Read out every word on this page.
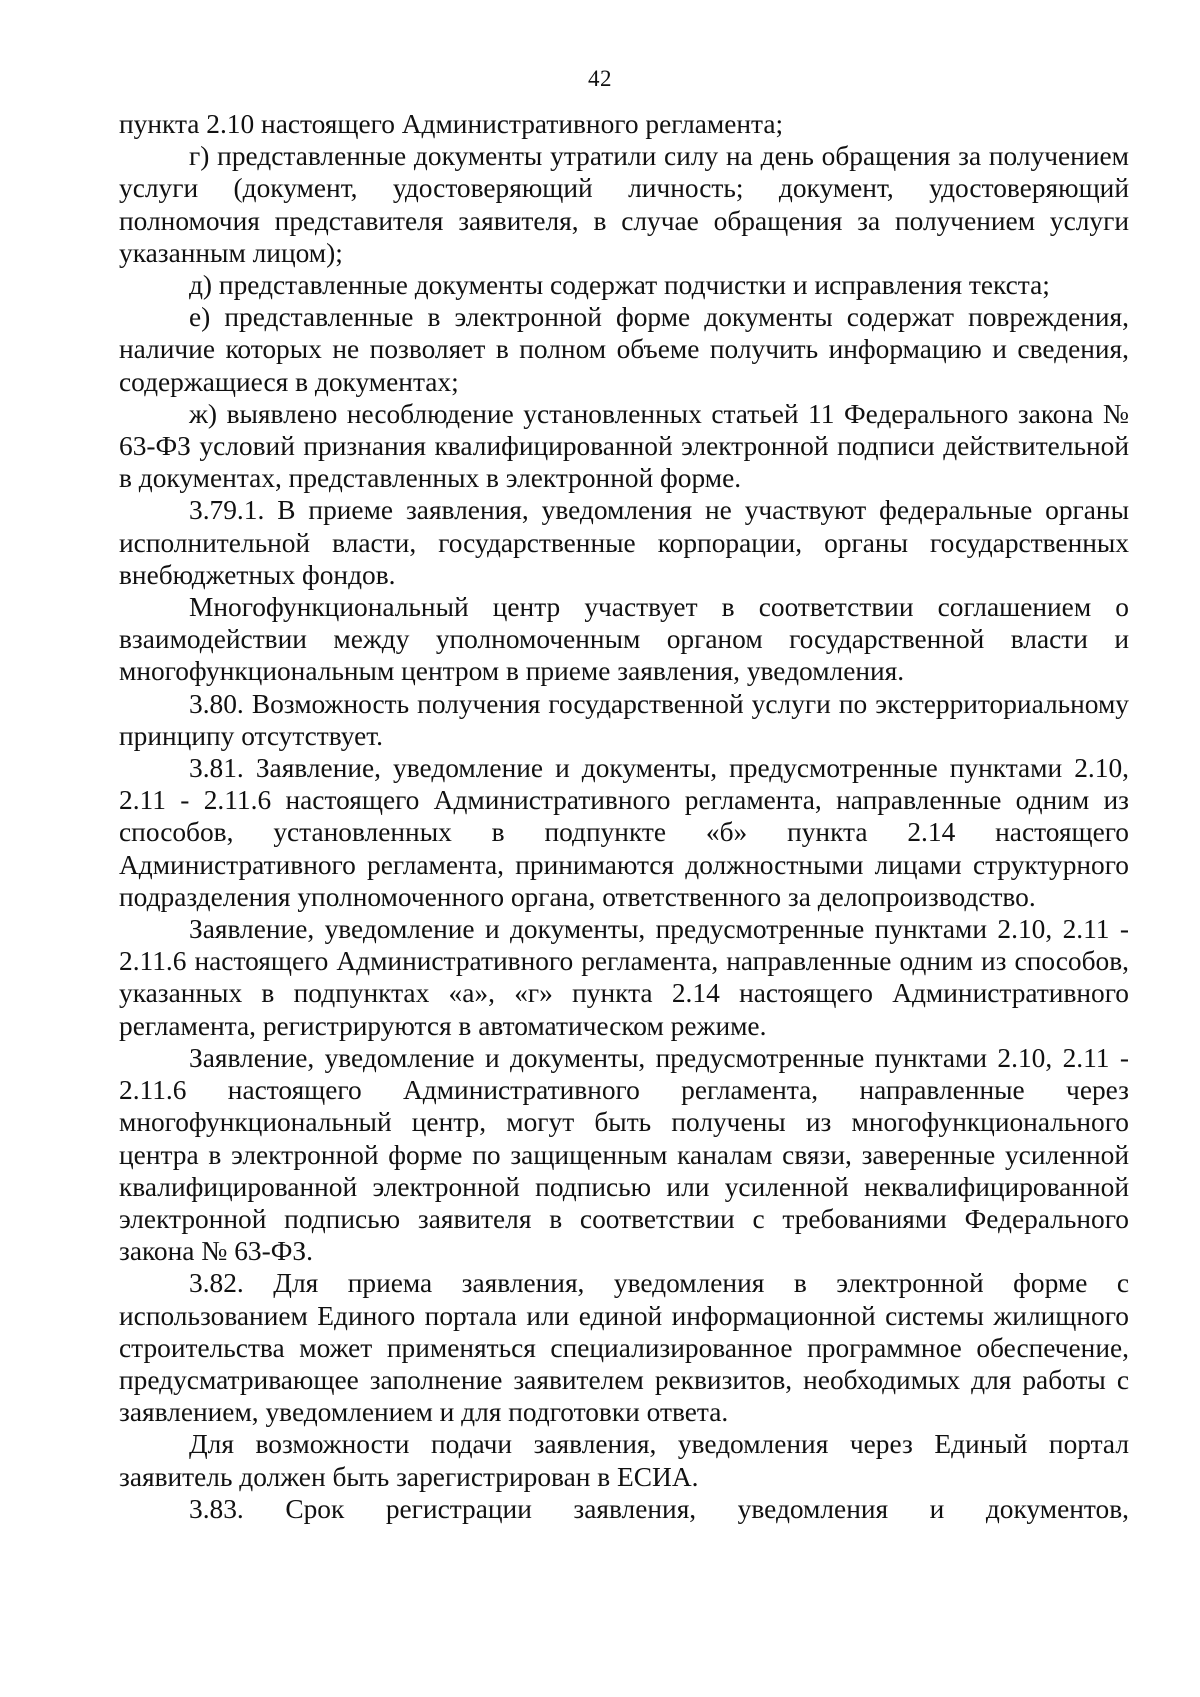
42

пункта 2.10 настоящего Административного регламента;

г) представленные документы утратили силу на день обращения за получением услуги (документ, удостоверяющий личность; документ, удостоверяющий полномочия представителя заявителя, в случае обращения за получением услуги указанным лицом);

д) представленные документы содержат подчистки и исправления текста;

е) представленные в электронной форме документы содержат повреждения, наличие которых не позволяет в полном объеме получить информацию и сведения, содержащиеся в документах;

ж) выявлено несоблюдение установленных статьей 11 Федерального закона № 63-ФЗ условий признания квалифицированной электронной подписи действительной в документах, представленных в электронной форме.

3.79.1. В приеме заявления, уведомления не участвуют федеральные органы исполнительной власти, государственные корпорации, органы государственных внебюджетных фондов.

Многофункциональный центр участвует в соответствии соглашением о взаимодействии между уполномоченным органом государственной власти и многофункциональным центром в приеме заявления, уведомления.

3.80. Возможность получения государственной услуги по экстерриториальному принципу отсутствует.

3.81. Заявление, уведомление и документы, предусмотренные пунктами 2.10, 2.11 - 2.11.6 настоящего Административного регламента, направленные одним из способов, установленных в подпункте «б» пункта 2.14 настоящего Административного регламента, принимаются должностными лицами структурного подразделения уполномоченного органа, ответственного за делопроизводство.

Заявление, уведомление и документы, предусмотренные пунктами 2.10, 2.11 - 2.11.6 настоящего Административного регламента, направленные одним из способов, указанных в подпунктах «а», «г» пункта 2.14 настоящего Административного регламента, регистрируются в автоматическом режиме.

Заявление, уведомление и документы, предусмотренные пунктами 2.10, 2.11 - 2.11.6 настоящего Административного регламента, направленные через многофункциональный центр, могут быть получены из многофункционального центра в электронной форме по защищенным каналам связи, заверенные усиленной квалифицированной электронной подписью или усиленной неквалифицированной электронной подписью заявителя в соответствии с требованиями Федерального закона № 63-ФЗ.

3.82. Для приема заявления, уведомления в электронной форме с использованием Единого портала или единой информационной системы жилищного строительства может применяться специализированное программное обеспечение, предусматривающее заполнение заявителем реквизитов, необходимых для работы с заявлением, уведомлением и для подготовки ответа.

Для возможности подачи заявления, уведомления через Единый портал заявитель должен быть зарегистрирован в ЕСИА.

3.83. Срок регистрации заявления, уведомления и документов,
